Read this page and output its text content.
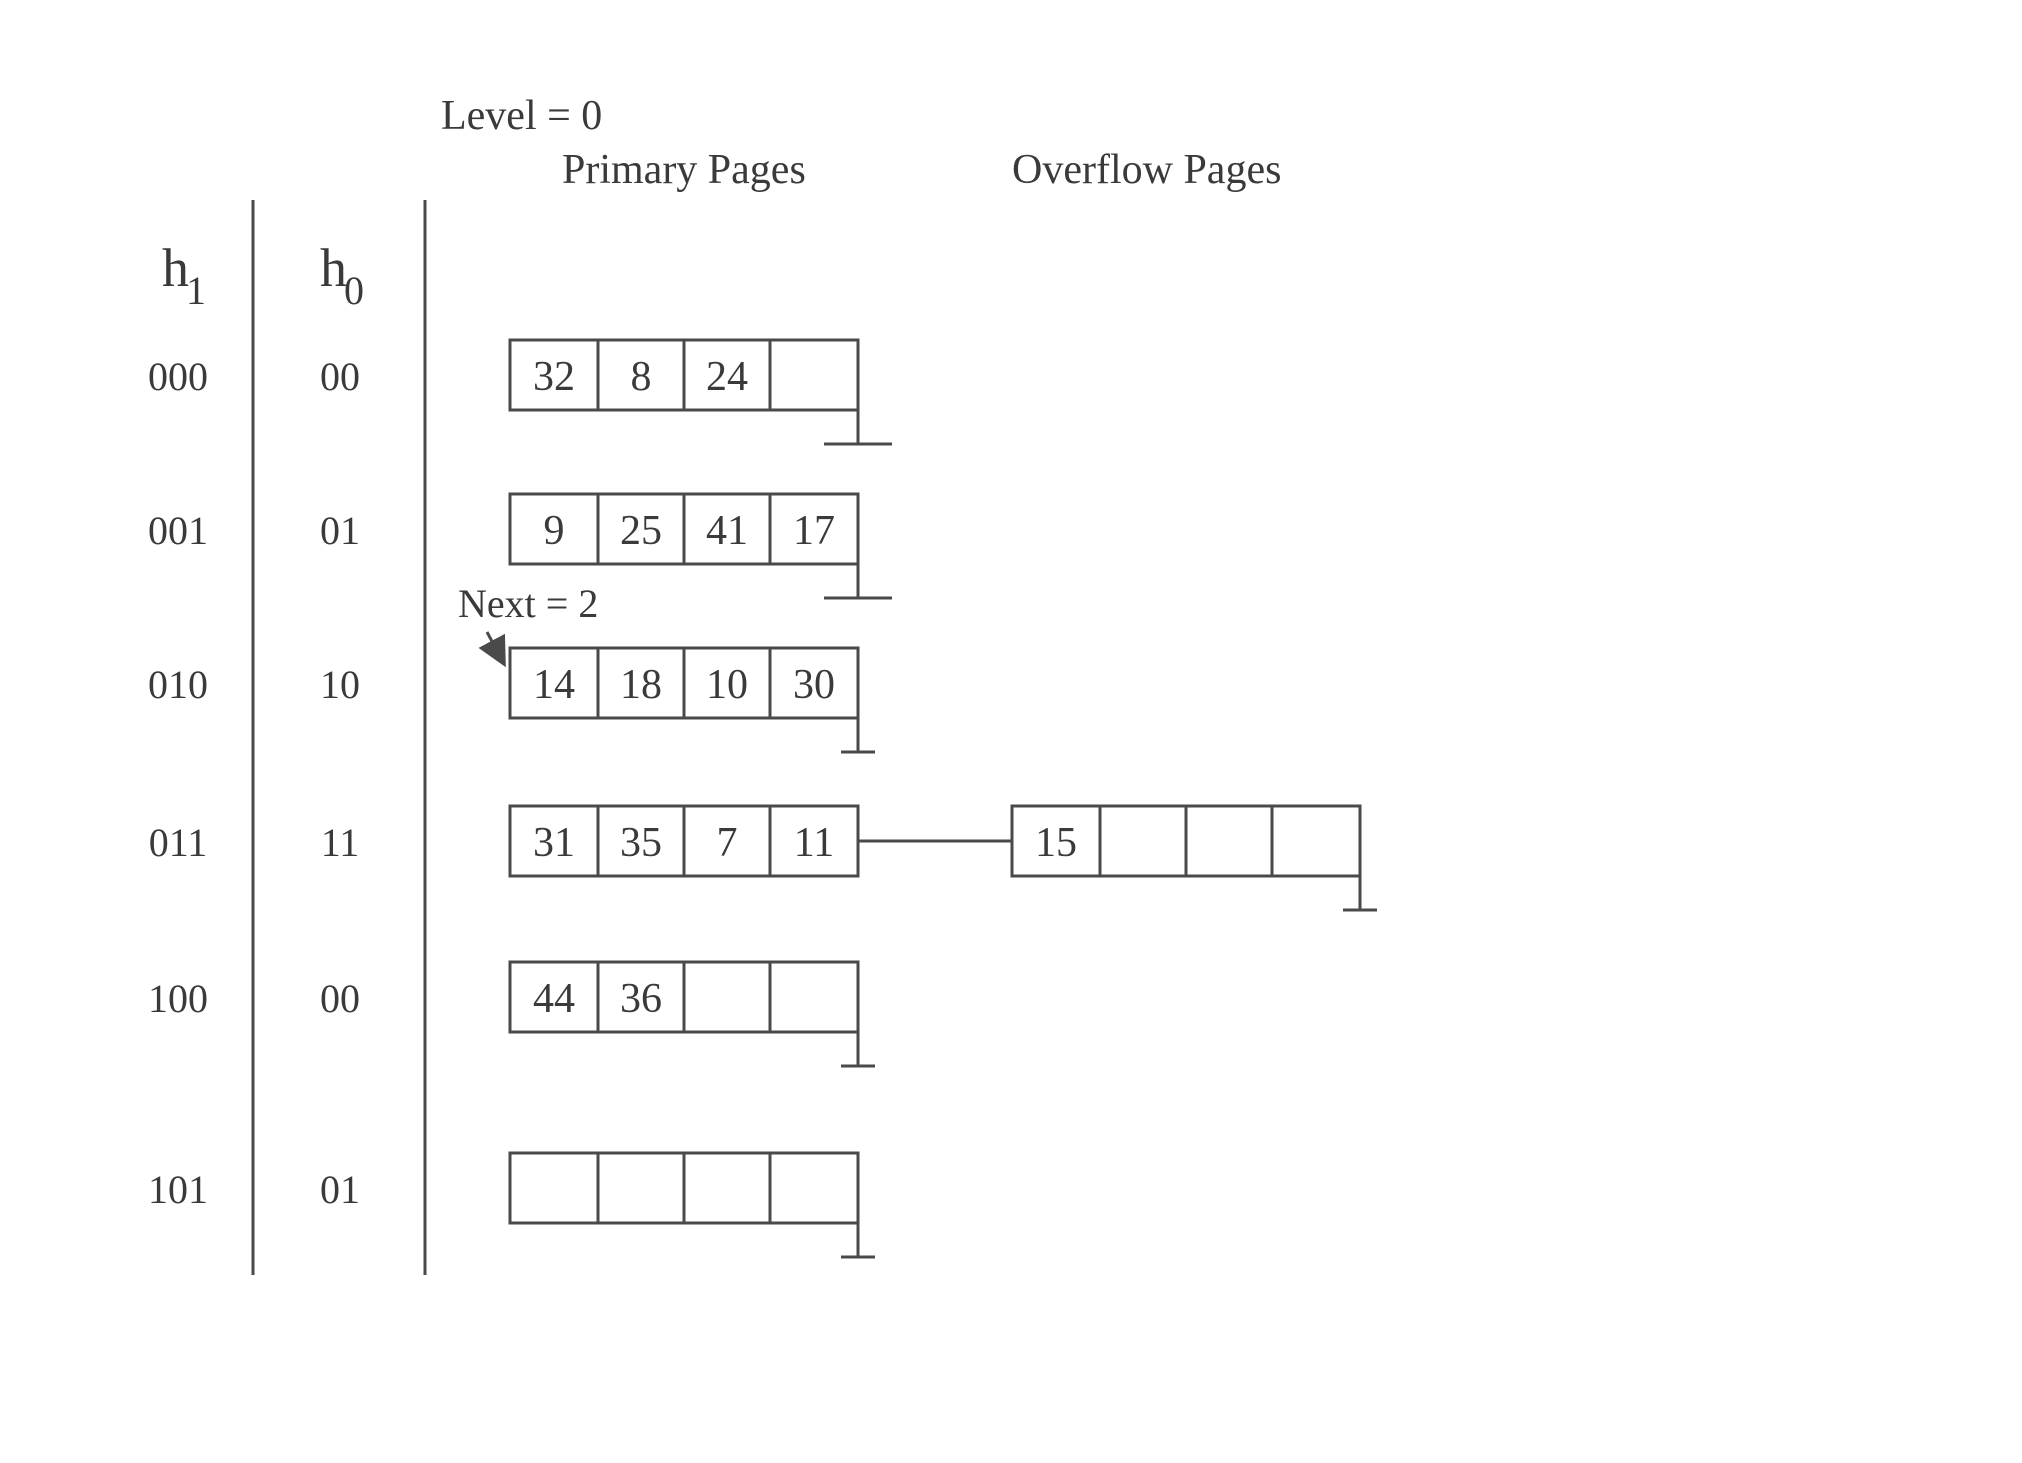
Level = 0
Primary Pages	Overflow Pages
h
1 h
0
Next = 2
000	00	32 8 24
001	01	9 25 41 17
010	10	14 18 10 30
011	11	31 35 7 11	15
100	00	44 36
101	01
